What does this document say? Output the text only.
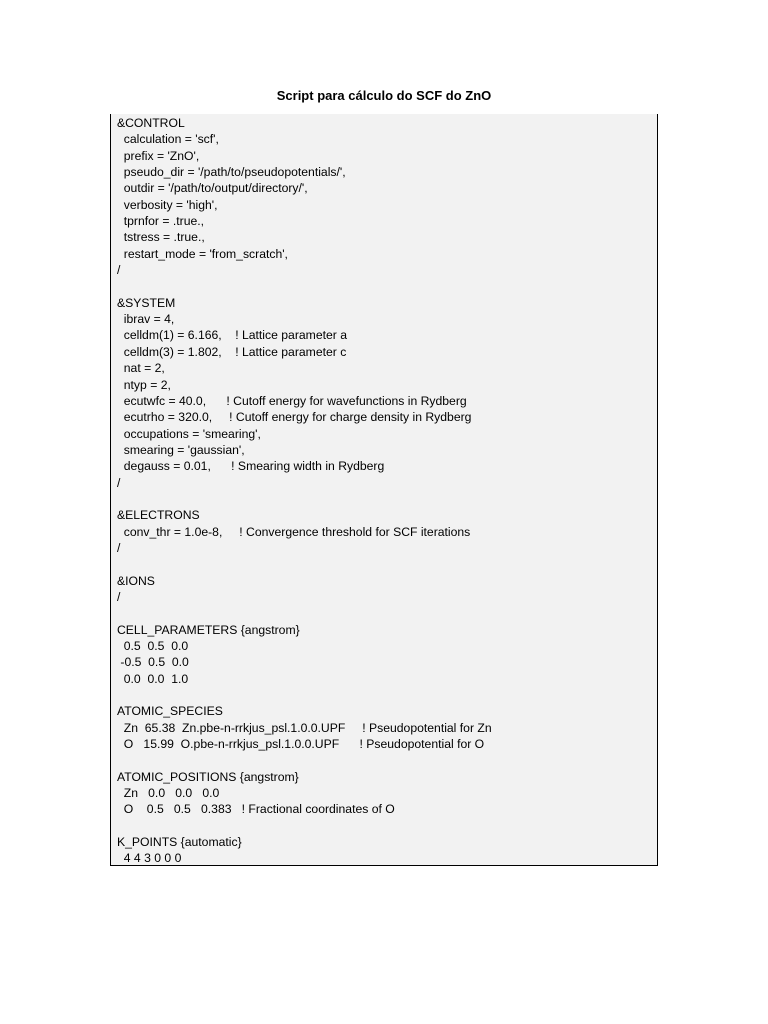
Script para cálculo do SCF do ZnO
&CONTROL
calculation = 'scf',
prefix = 'ZnO',
pseudo_dir = '/path/to/pseudopotentials/',
outdir = '/path/to/output/directory/',
verbosity = 'high',
tprnfor = .true.,
tstress = .true.,
restart_mode = 'from_scratch',
/
&SYSTEM
ibrav = 4,
celldm(1) = 6.166,    ! Lattice parameter a
celldm(3) = 1.802,    ! Lattice parameter c
nat = 2,
ntyp = 2,
ecutwfc = 40.0,      ! Cutoff energy for wavefunctions in Rydberg
ecutrho = 320.0,     ! Cutoff energy for charge density in Rydberg
occupations = 'smearing',
smearing = 'gaussian',
degauss = 0.01,      ! Smearing width in Rydberg
/
&ELECTRONS
conv_thr = 1.0e-8,     ! Convergence threshold for SCF iterations
/
&IONS
/
CELL_PARAMETERS {angstrom}
0.5  0.5  0.0
-0.5  0.5  0.0
0.0  0.0  1.0
ATOMIC_SPECIES
Zn  65.38  Zn.pbe-n-rrkjus_psl.1.0.0.UPF     ! Pseudopotential for Zn
O   15.99  O.pbe-n-rrkjus_psl.1.0.0.UPF      ! Pseudopotential for O
ATOMIC_POSITIONS {angstrom}
Zn   0.0   0.0   0.0
O    0.5   0.5   0.383   ! Fractional coordinates of O
K_POINTS {automatic}
4 4 3 0 0 0
